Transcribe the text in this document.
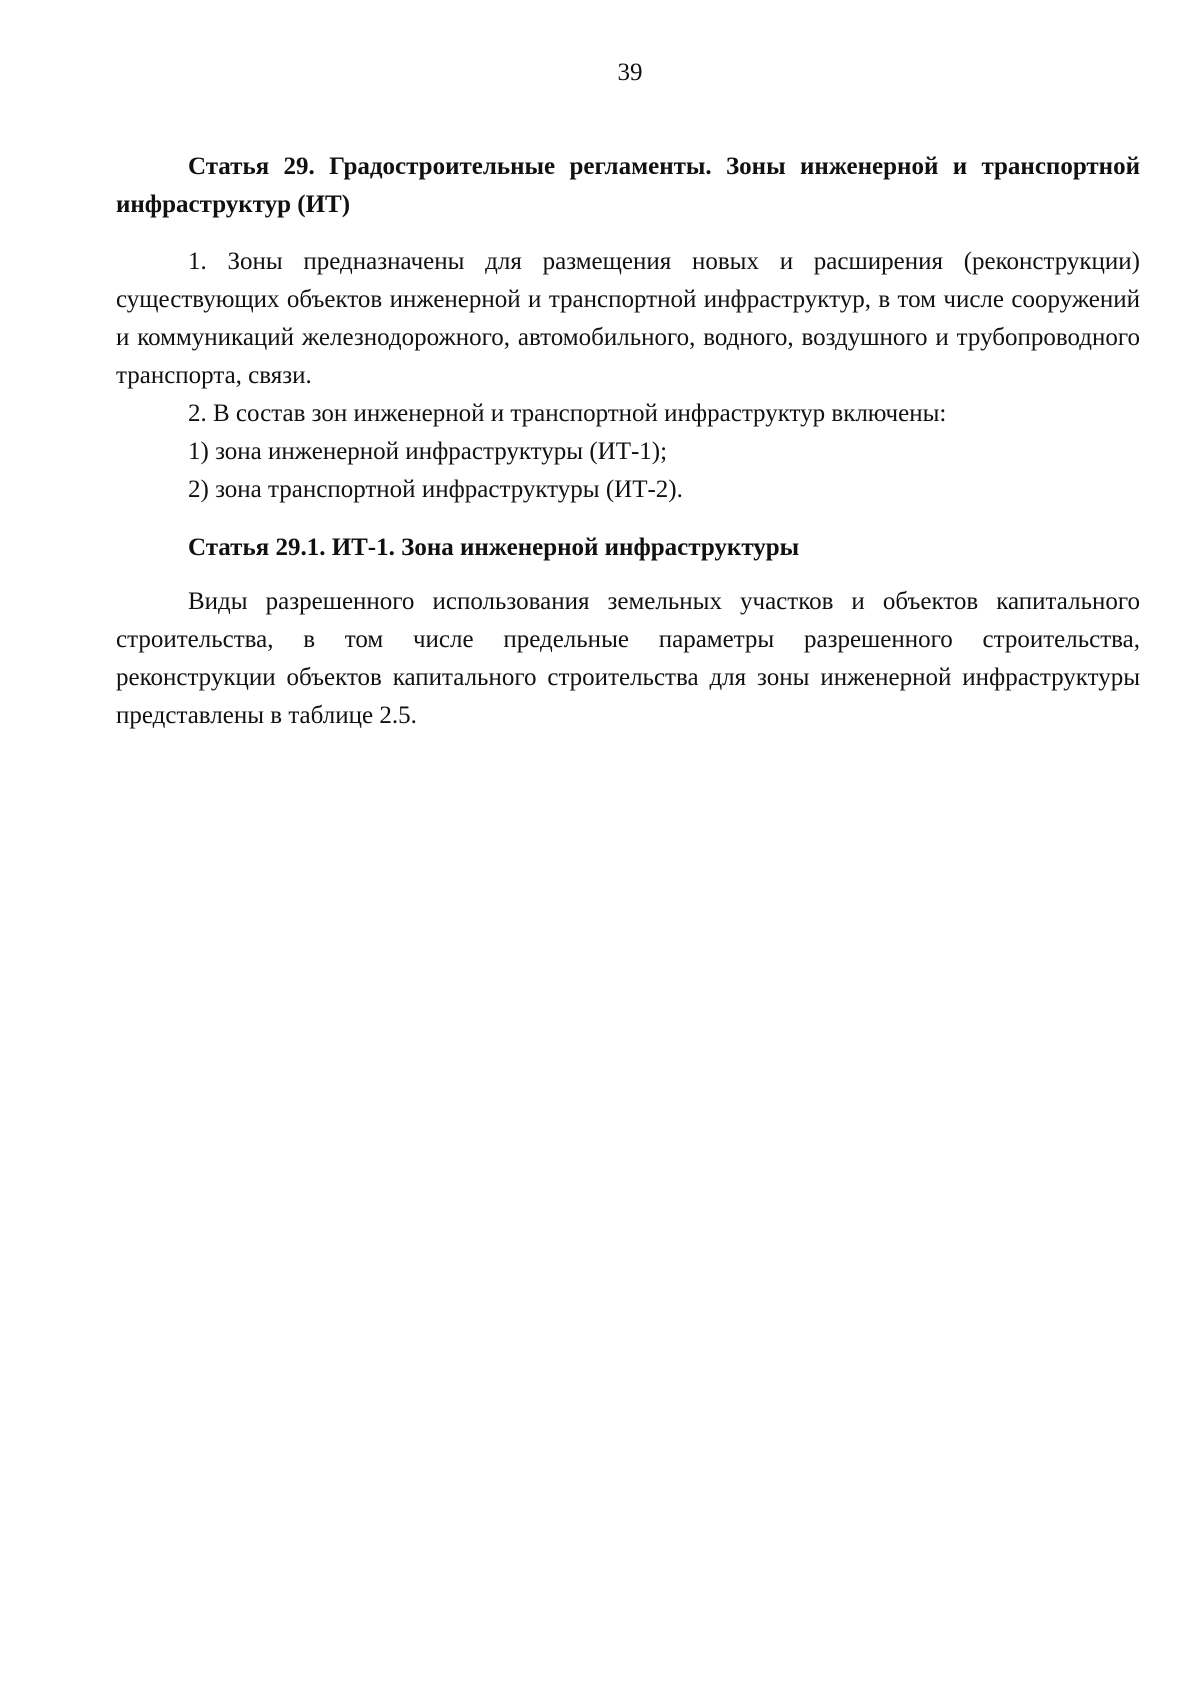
39

Статья 29. Градостроительные регламенты. Зоны инженерной и транспортной инфраструктур (ИТ)

1. Зоны предназначены для размещения новых и расширения (реконструкции) существующих объектов инженерной и транспортной инфраструктур, в том числе сооружений и коммуникаций железнодорожного, автомобильного, водного, воздушного и трубопроводного транспорта, связи.

2. В состав зон инженерной и транспортной инфраструктур включены:

1) зона инженерной инфраструктуры (ИТ-1);

2) зона транспортной инфраструктуры (ИТ-2).

Статья 29.1. ИТ-1. Зона инженерной инфраструктуры

Виды разрешенного использования земельных участков и объектов капитального строительства, в том числе предельные параметры разрешенного строительства, реконструкции объектов капитального строительства для зоны инженерной инфраструктуры представлены в таблице 2.5.
